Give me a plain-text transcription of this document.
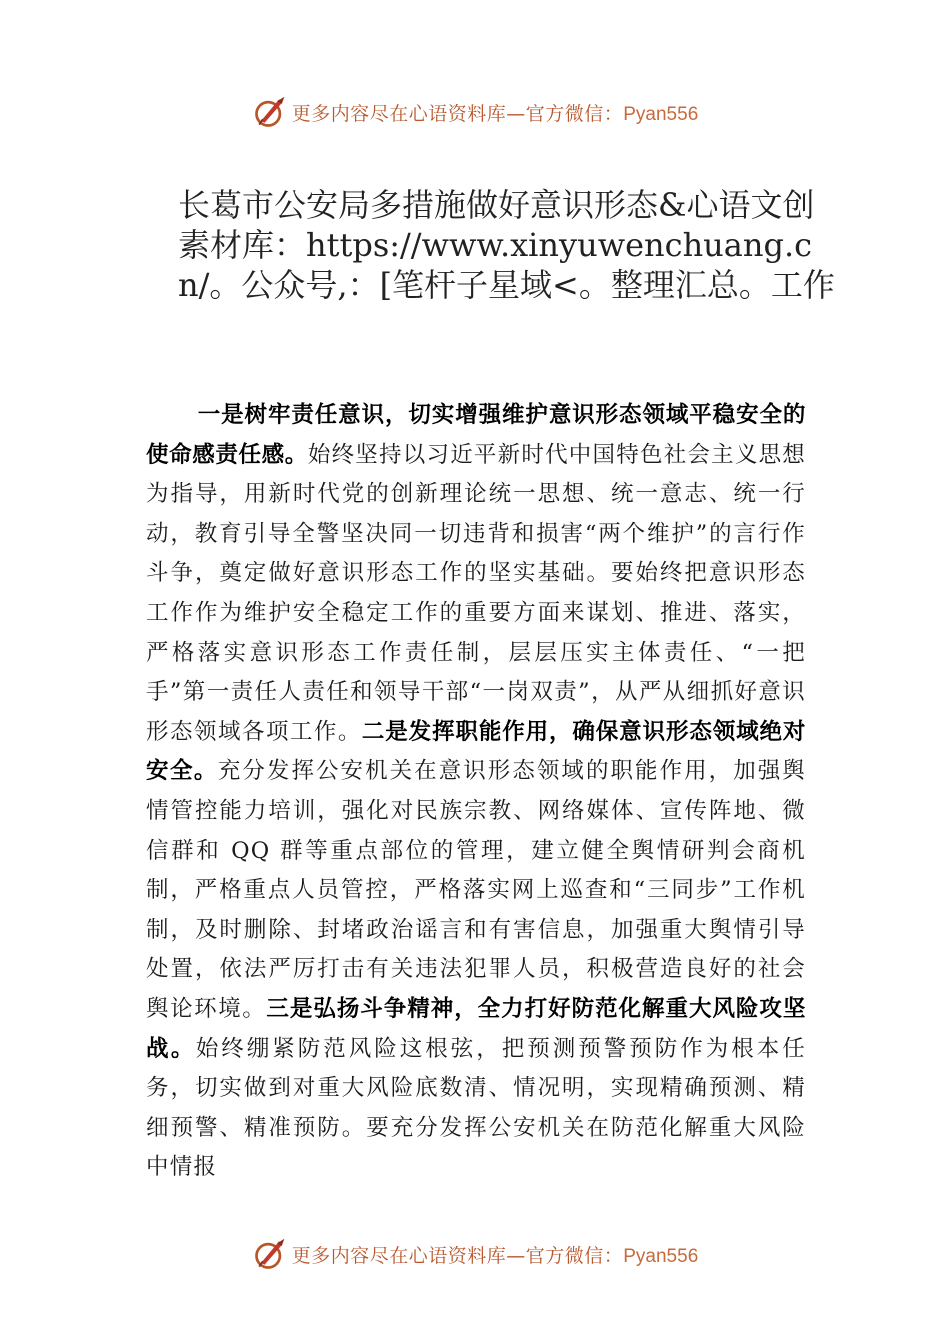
更多内容尽在心语资料库—官方微信：Pyan556
长葛市公安局多措施做好意识形态&心语文创素材库：https://www.xinyuwenchuang.cn/。公众号,：[笔杆子星域<。整理汇总。工作

一是树牢责任意识，切实增强维护意识形态领域平稳安全的使命感责任感。始终坚持以习近平新时代中国特色社会主义思想为指导，用新时代党的创新理论统一思想、统一意志、统一行动，教育引导全警坚决同一切违背和损害“两个维护”的言行作斗争，奠定做好意识形态工作的坚实基础。要始终把意识形态工作作为维护安全稳定工作的重要方面来谋划、推进、落实，严格落实意识形态工作责任制，层层压实主体责任、“一把手”第一责任人责任和领导干部“一岗双责”，从严从细抓好意识形态领域各项工作。二是发挥职能作用，确保意识形态领域绝对安全。充分发挥公安机关在意识形态领域的职能作用，加强舆情管控能力培训，强化对民族宗教、网络媒体、宣传阵地、微信群和 QQ 群等重点部位的管理，建立健全舆情研判会商机制，严格重点人员管控，严格落实网上巡查和“三同步”工作机制，及时删除、封堵政治谣言和有害信息，加强重大舆情引导处置，依法严厉打击有关违法犯罪人员，积极营造良好的社会舆论环境。三是弘扬斗争精神，全力打好防范化解重大风险攻坚战。始终绷紧防范风险这根弦，把预测预警预防作为根本任务，切实做到对重大风险底数清、情况明，实现精确预测、精细预警、精准预防。要充分发挥公安机关在防范化解重大风险中情报

更多内容尽在心语资料库—官方微信：Pyan556
